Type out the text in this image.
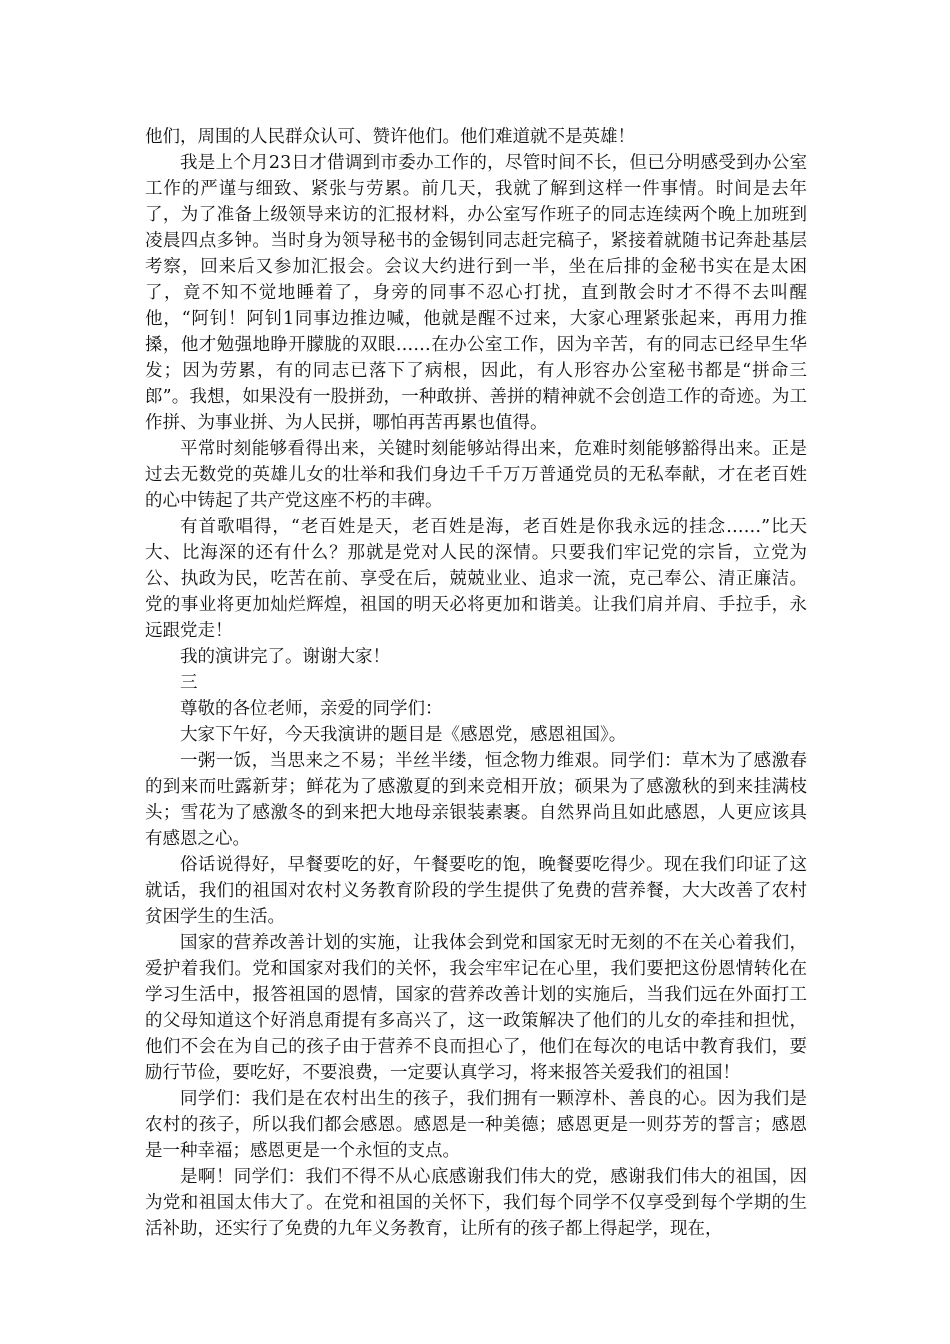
他们，周围的人民群众认可、赞许他们。他们难道就不是英雄！

我是上个月23日才借调到市委办工作的，尽管时间不长，但已分明感受到办公室工作的严谨与细致、紧张与劳累。前几天，我就了解到这样一件事情。时间是去年了，为了准备上级领导来访的汇报材料，办公室写作班子的同志连续两个晚上加班到凌晨四点多钟。当时身为领导秘书的金锡钊同志赶完稿子，紧接着就随书记奔赴基层考察，回来后又参加汇报会。会议大约进行到一半，坐在后排的金秘书实在是太困了，竟不知不觉地睡着了，身旁的同事不忍心打扰，直到散会时才不得不去叫醒他，“阿钊！阿钊1同事边推边喊，他就是醒不过来，大家心理紧张起来，再用力推搡，他才勉强地睁开朦胧的双眼……在办公室工作，因为辛苦，有的同志已经早生华发；因为劳累，有的同志已落下了病根，因此，有人形容办公室秘书都是“拼命三郎”。我想，如果没有一股拼劲，一种敢拼、善拼的精神就不会创造工作的奇迹。为工作拼、为事业拼、为人民拼，哪怕再苦再累也值得。

平常时刻能够看得出来，关键时刻能够站得出来，危难时刻能够豁得出来。正是过去无数党的英雄儿女的壮举和我们身边千千万万普通党员的无私奉献，才在老百姓的心中铸起了共产党这座不朽的丰碑。

有首歌唱得，“老百姓是天，老百姓是海，老百姓是你我永远的挂念……”比天大、比海深的还有什么？那就是党对人民的深情。只要我们牢记党的宗旨，立党为公、执政为民，吃苦在前、享受在后，兢兢业业、追求一流，克己奉公、清正廉洁。党的事业将更加灿烂辉煌，祖国的明天必将更加和谐美。让我们肩并肩、手拉手，永远跟党走！

我的演讲完了。谢谢大家！

三

尊敬的各位老师，亲爱的同学们：

大家下午好，今天我演讲的题目是《感恩党，感恩祖国》。

一粥一饭，当思来之不易；半丝半缕，恒念物力维艰。同学们：草木为了感激春的到来而吐露新芽；鲜花为了感激夏的到来竞相开放；硕果为了感激秋的到来挂满枝头；雪花为了感激冬的到来把大地母亲银装素裹。自然界尚且如此感恩，人更应该具有感恩之心。

俗话说得好，早餐要吃的好，午餐要吃的饱，晚餐要吃得少。现在我们印证了这就话，我们的祖国对农村义务教育阶段的学生提供了免费的营养餐，大大改善了农村贫困学生的生活。

国家的营养改善计划的实施，让我体会到党和国家无时无刻的不在关心着我们，爱护着我们。党和国家对我们的关怀，我会牢牢记在心里，我们要把这份恩情转化在学习生活中，报答祖国的恩情，国家的营养改善计划的实施后，当我们远在外面打工的父母知道这个好消息甭提有多高兴了，这一政策解决了他们的儿女的牵挂和担忧，他们不会在为自己的孩子由于营养不良而担心了，他们在每次的电话中教育我们，要励行节俭，要吃好，不要浪费，一定要认真学习，将来报答关爱我们的祖国！

同学们：我们是在农村出生的孩子，我们拥有一颗淳朴、善良的心。因为我们是农村的孩子，所以我们都会感恩。感恩是一种美德；感恩更是一则芬芳的誓言；感恩是一种幸福；感恩更是一个永恒的支点。

是啊！同学们：我们不得不从心底感谢我们伟大的党，感谢我们伟大的祖国，因为党和祖国太伟大了。在党和祖国的关怀下，我们每个同学不仅享受到每个学期的生活补助，还实行了免费的九年义务教育，让所有的孩子都上得起学，现在，
